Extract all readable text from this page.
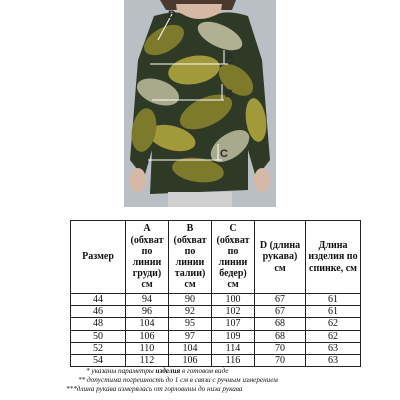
D
A
B
C
Размер	A (обхват по линии груди) см	B (обхват по линии талии) см	C (обхват по линии бедер) см	D (длина рукава) см	Длина изделия по спинке, см
44	94	90	100	67	61
46	96	92	102	67	61
48	104	95	107	68	62
50	106	97	109	68	62
52	110	104	114	70	63
54	112	106	116	70	63
* указаны параметры изделия в готовом виде
** допустима погрешность до 1 см в связи с ручным измерением
***длина рукава измерялась от горловины до низа рукава
